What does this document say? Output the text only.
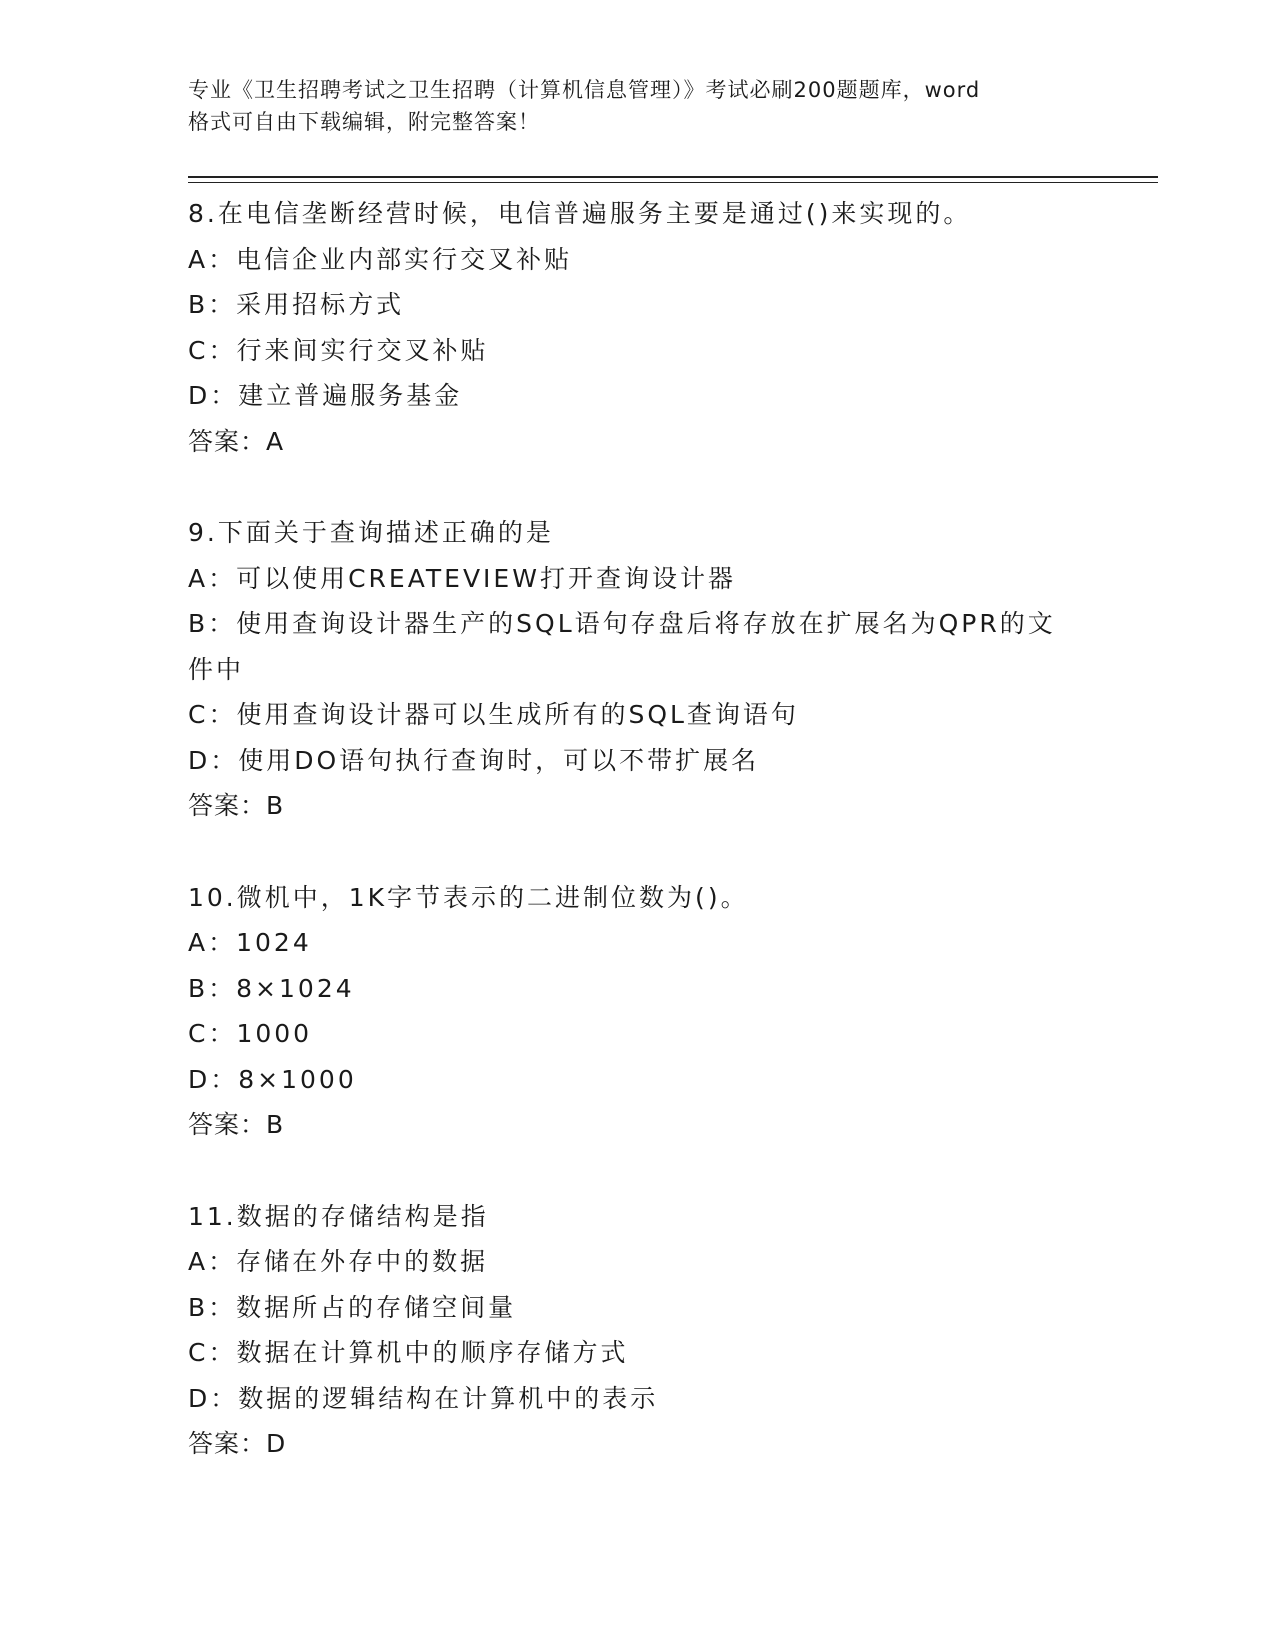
专业《卫生招聘考试之卫生招聘（计算机信息管理）》考试必刷200题题库，word
格式可自由下载编辑，附完整答案！
8.在电信垄断经营时候，电信普遍服务主要是通过()来实现的。
A：电信企业内部实行交叉补贴
B：采用招标方式
C：行来间实行交叉补贴
D：建立普遍服务基金
答案：A
9.下面关于查询描述正确的是
A：可以使用CREATEVIEW打开查询设计器
B：使用查询设计器生产的SQL语句存盘后将存放在扩展名为QPR的文
件中
C：使用查询设计器可以生成所有的SQL查询语句
D：使用DO语句执行查询时，可以不带扩展名
答案：B
10.微机中，1K字节表示的二进制位数为()。
A：1024
B：8×1024
C：1000
D：8×1000
答案：B
11.数据的存储结构是指
A：存储在外存中的数据
B：数据所占的存储空间量
C：数据在计算机中的顺序存储方式
D：数据的逻辑结构在计算机中的表示
答案：D
